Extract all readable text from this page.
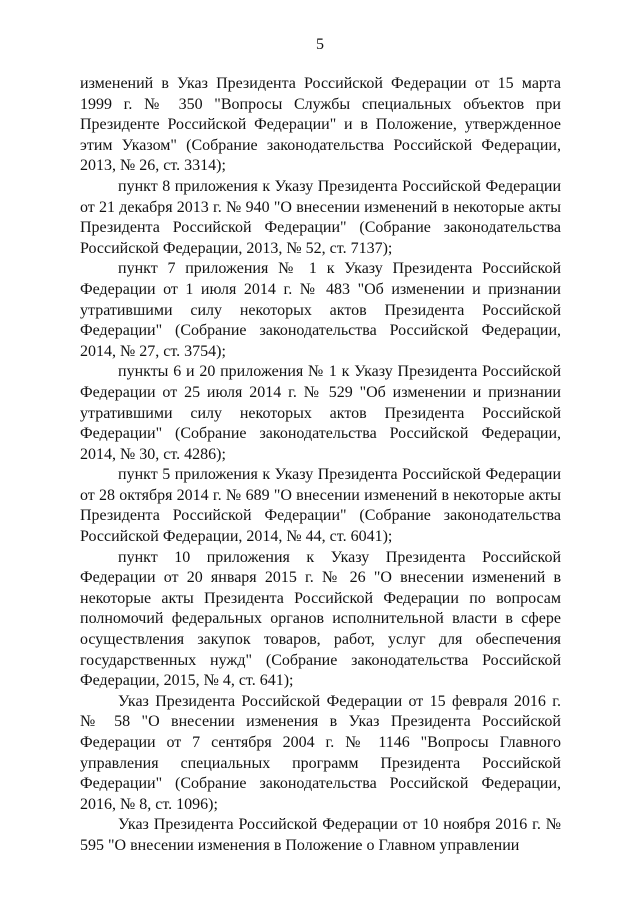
5

изменений в Указ Президента Российской Федерации от 15 марта 1999 г. № 350 "Вопросы Службы специальных объектов при Президенте Российской Федерации" и в Положение, утвержденное этим Указом" (Собрание законодательства Российской Федерации, 2013, № 26, ст. 3314);

пункт 8 приложения к Указу Президента Российской Федерации от 21 декабря 2013 г. № 940 "О внесении изменений в некоторые акты Президента Российской Федерации" (Собрание законодательства Российской Федерации, 2013, № 52, ст. 7137);

пункт 7 приложения № 1 к Указу Президента Российской Федерации от 1 июля 2014 г. № 483 "Об изменении и признании утратившими силу некоторых актов Президента Российской Федерации" (Собрание законодательства Российской Федерации, 2014, № 27, ст. 3754);

пункты 6 и 20 приложения № 1 к Указу Президента Российской Федерации от 25 июля 2014 г. № 529 "Об изменении и признании утратившими силу некоторых актов Президента Российской Федерации" (Собрание законодательства Российской Федерации, 2014, № 30, ст. 4286);

пункт 5 приложения к Указу Президента Российской Федерации от 28 октября 2014 г. № 689 "О внесении изменений в некоторые акты Президента Российской Федерации" (Собрание законодательства Российской Федерации, 2014, № 44, ст. 6041);

пункт 10 приложения к Указу Президента Российской Федерации от 20 января 2015 г. № 26 "О внесении изменений в некоторые акты Президента Российской Федерации по вопросам полномочий федеральных органов исполнительной власти в сфере осуществления закупок товаров, работ, услуг для обеспечения государственных нужд" (Собрание законодательства Российской Федерации, 2015, № 4, ст. 641);

Указ Президента Российской Федерации от 15 февраля 2016 г. № 58 "О внесении изменения в Указ Президента Российской Федерации от 7 сентября 2004 г. № 1146 "Вопросы Главного управления специальных программ Президента Российской Федерации" (Собрание законодательства Российской Федерации, 2016, № 8, ст. 1096);

Указ Президента Российской Федерации от 10 ноября 2016 г. № 595 "О внесении изменения в Положение о Главном управлении
